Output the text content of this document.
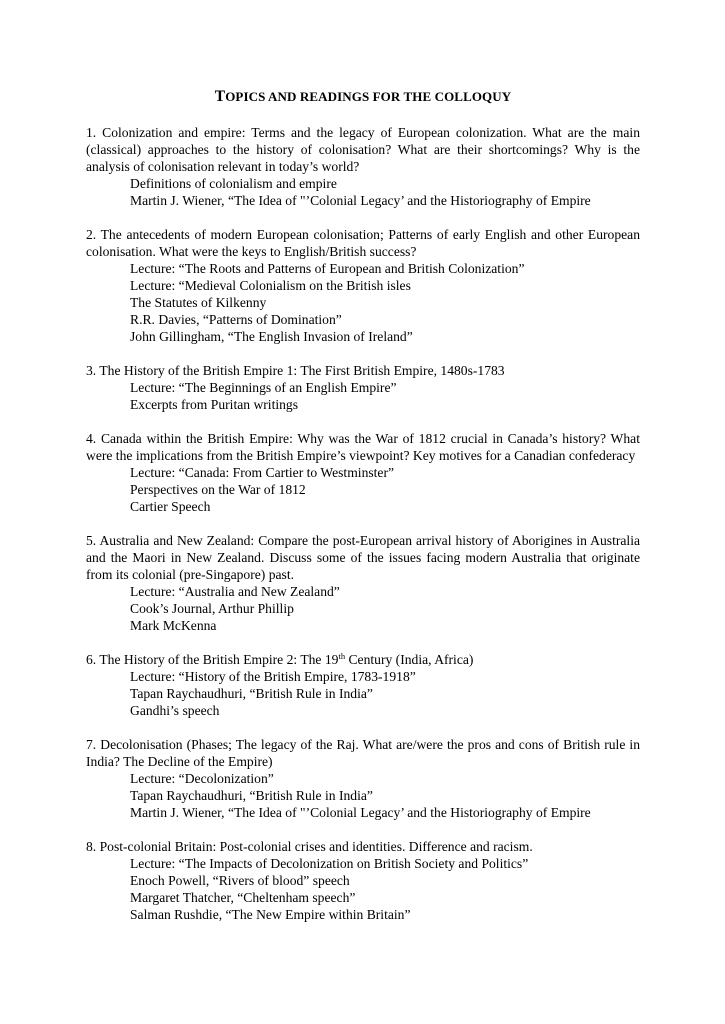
TOPICS AND READINGS FOR THE COLLOQUY
1. Colonization and empire: Terms and the legacy of European colonization. What are the main (classical) approaches to the history of colonisation? What are their shortcomings? Why is the analysis of colonisation relevant in today’s world?
Definitions of colonialism and empire
Martin J. Wiener, “The Idea of "’Colonial Legacy’ and the Historiography of Empire
2. The antecedents of modern European colonisation; Patterns of early English and other European colonisation. What were the keys to English/British success?
Lecture: “The Roots and Patterns of European and British Colonization”
Lecture: “Medieval Colonialism on the British isles
The Statutes of Kilkenny
R.R. Davies, “Patterns of Domination”
John Gillingham, “The English Invasion of Ireland”
3. The History of the British Empire 1: The First British Empire, 1480s-1783
Lecture: “The Beginnings of an English Empire”
Excerpts from Puritan writings
4. Canada within the British Empire: Why was the War of 1812 crucial in Canada’s history? What were the implications from the British Empire’s viewpoint? Key motives for a Canadian confederacy
Lecture: “Canada: From Cartier to Westminster”
Perspectives on the War of 1812
Cartier Speech
5. Australia and New Zealand: Compare the post-European arrival history of Aborigines in Australia and the Maori in New Zealand. Discuss some of the issues facing modern Australia that originate from its colonial (pre-Singapore) past.
Lecture: “Australia and New Zealand”
Cook’s Journal, Arthur Phillip
Mark McKenna
6. The History of the British Empire 2: The 19th Century (India, Africa)
Lecture: “History of the British Empire, 1783-1918”
Tapan Raychaudhuri, “British Rule in India”
Gandhi’s speech
7. Decolonisation (Phases; The legacy of the Raj. What are/were the pros and cons of British rule in India? The Decline of the Empire)
Lecture: “Decolonization”
Tapan Raychaudhuri, “British Rule in India”
Martin J. Wiener, “The Idea of "’Colonial Legacy’ and the Historiography of Empire
8. Post-colonial Britain: Post-colonial crises and identities. Difference and racism.
Lecture: “The Impacts of Decolonization on British Society and Politics”
Enoch Powell, “Rivers of blood” speech
Margaret Thatcher, “Cheltenham speech”
Salman Rushdie, “The New Empire within Britain”
